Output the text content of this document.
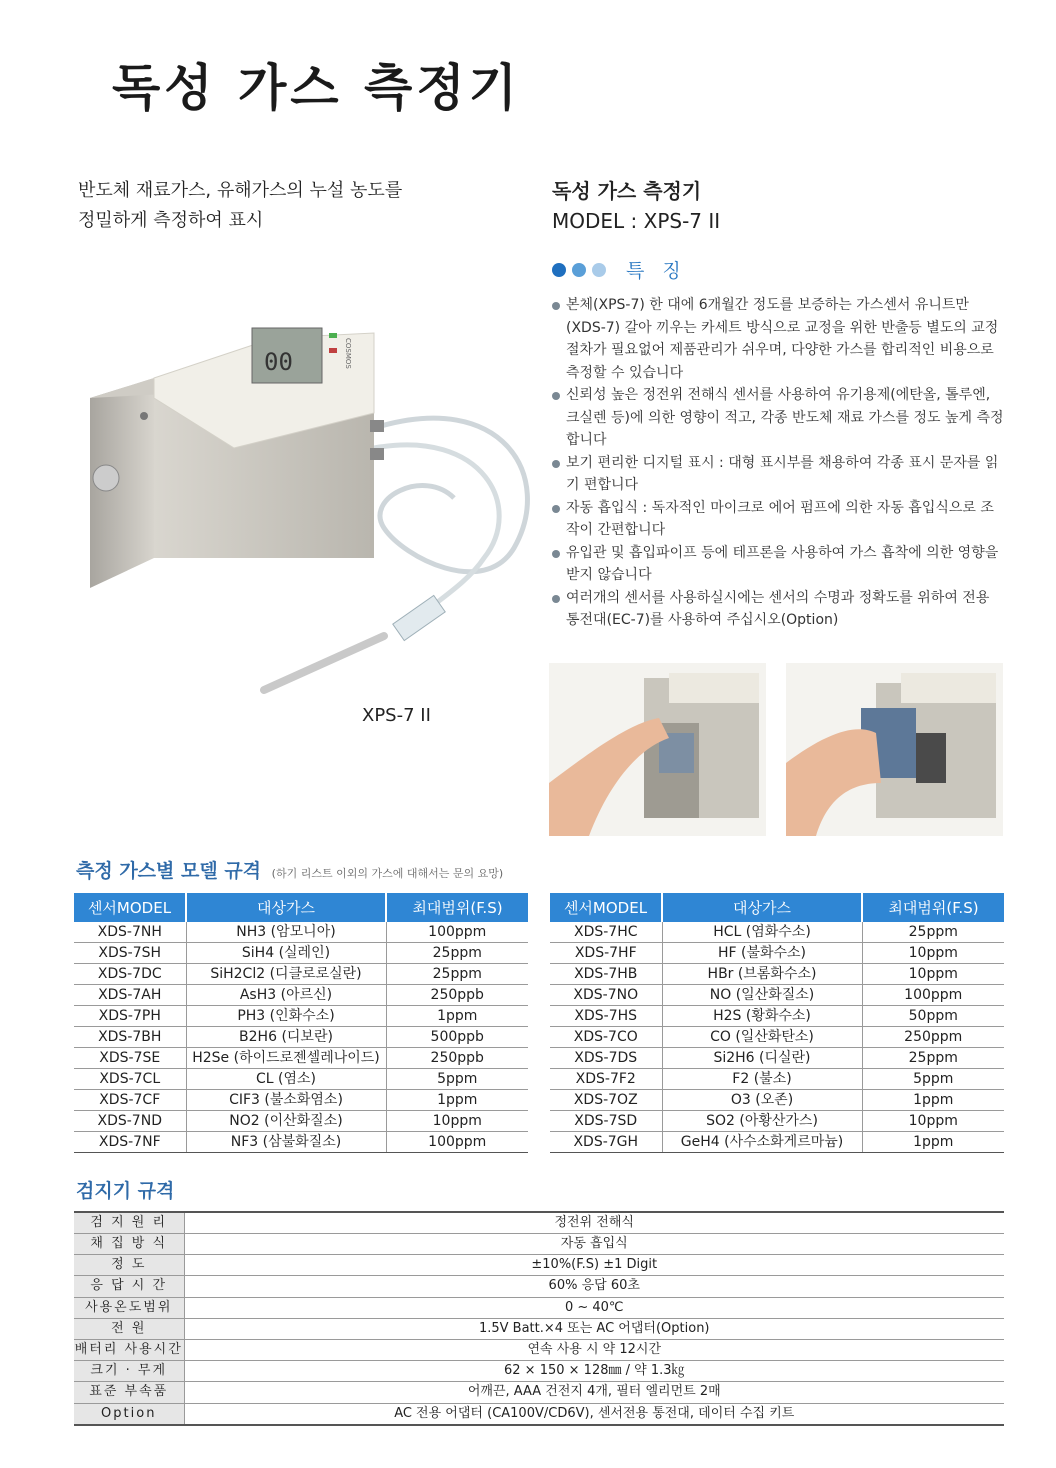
독성 가스 측정기
반도체 재료가스, 유해가스의 누설 농도를
정밀하게 측정하여 표시
독성 가스 측정기
MODEL : XPS-7 II
특징
본체(XPS-7) 한 대에 6개월간 정도를 보증하는 가스센서 유니트만 (XDS-7) 갈아 끼우는 카세트 방식으로 교정을 위한 반출등 별도의 교정 절차가 필요없어 제품관리가 쉬우며, 다양한 가스를 합리적인 비용으로 측정할 수 있습니다
신뢰성 높은 정전위 전해식 센서를 사용하여 유기용제(에탄올, 톨루엔, 크실렌 등)에 의한 영향이 적고, 각종 반도체 재료 가스를 정도 높게 측정합니다
보기 편리한 디지털 표시 : 대형 표시부를 채용하여 각종 표시 문자를 읽기 편합니다
자동 흡입식 : 독자적인 마이크로 에어 펌프에 의한 자동 흡입식으로 조작이 간편합니다
유입관 및 흡입파이프 등에 테프론을 사용하여 가스 흡착에 의한 영향을 받지 않습니다
여러개의 센서를 사용하실시에는 센서의 수명과 정확도를 위하여 전용 통전대(EC-7)를 사용하여 주십시오(Option)
00	COSMOS
XPS-7 II
측정 가스별 모델 규격 (하기 리스트 이외의 가스에 대해서는 문의 요망)
센서MODEL	대상가스	최대범위(F.S)
XDS-7NH	NH3 (암모니아)	100ppm
XDS-7SH	SiH4 (실레인)	25ppm
XDS-7DC	SiH2Cl2 (디클로로실란)	25ppm
XDS-7AH	AsH3 (아르신)	250ppb
XDS-7PH	PH3 (인화수소)	1ppm
XDS-7BH	B2H6 (디보란)	500ppb
XDS-7SE	H2Se (하이드로젠셀레나이드)	250ppb
XDS-7CL	CL (염소)	5ppm
XDS-7CF	CIF3 (불소화염소)	1ppm
XDS-7ND	NO2 (이산화질소)	10ppm
XDS-7NF	NF3 (삼불화질소)	100ppm
센서MODEL	대상가스	최대범위(F.S)
XDS-7HC	HCL (염화수소)	25ppm
XDS-7HF	HF (불화수소)	10ppm
XDS-7HB	HBr (브롬화수소)	10ppm
XDS-7NO	NO (일산화질소)	100ppm
XDS-7HS	H2S (황화수소)	50ppm
XDS-7CO	CO (일산화탄소)	250ppm
XDS-7DS	Si2H6 (디실란)	25ppm
XDS-7F2	F2 (불소)	5ppm
XDS-7OZ	O3 (오존)	1ppm
XDS-7SD	SO2 (아황산가스)	10ppm
XDS-7GH	GeH4 (사수소화게르마늄)	1ppm
검지기 규격
검 지 원 리	정전위 전해식
채 집 방 식	자동 흡입식
정 도	±10%(F.S) ±1 Digit
응 답 시 간	60% 응답 60초
사용온도범위	0 ~ 40℃
전 원	1.5V Batt.×4 또는 AC 어댑터(Option)
배터리 사용시간	연속 사용 시 약 12시간
크기 · 무게	62 × 150 × 128㎜ / 약 1.3㎏
표준 부속품	어깨끈, AAA 건전지 4개, 필터 엘리먼트 2매
Option	AC 전용 어댑터 (CA100V/CD6V), 센서전용 통전대, 데이터 수집 키트
